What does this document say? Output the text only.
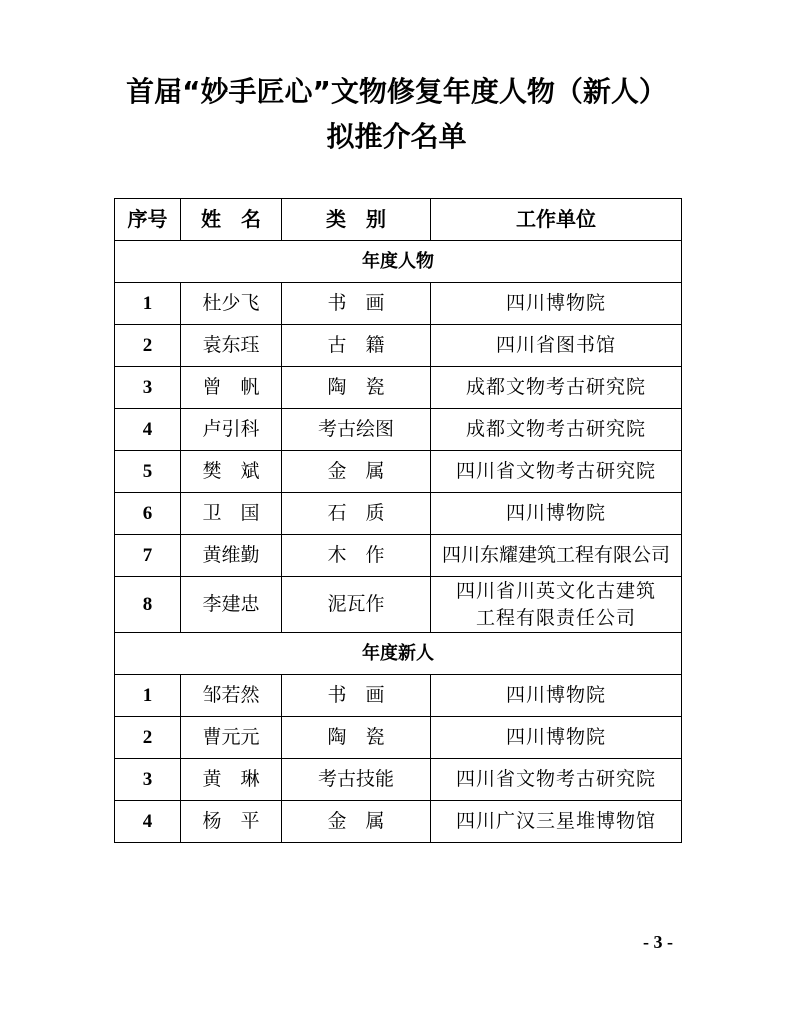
首届“妙手匠心”文物修复年度人物（新人）
拟推介名单
序号	姓　名	类　别	工作单位
年度人物			
1	杜少飞	书　画	四川博物院
2	袁东珏	古　籍	四川省图书馆
3	曾　帆	陶　瓷	成都文物考古研究院
4	卢引科	考古绘图	成都文物考古研究院
5	樊　斌	金　属	四川省文物考古研究院
6	卫　国	石　质	四川博物院
7	黄维勤	木　作	四川东耀建筑工程有限公司
8	李建忠	泥瓦作	四川省川英文化古建筑
工程有限责任公司

年度新人			
1	邹若然	书　画	四川博物院
2	曹元元	陶　瓷	四川博物院
3	黄　琳	考古技能	四川省文物考古研究院
4	杨　平	金　属	四川广汉三星堆博物馆
- 3 -
